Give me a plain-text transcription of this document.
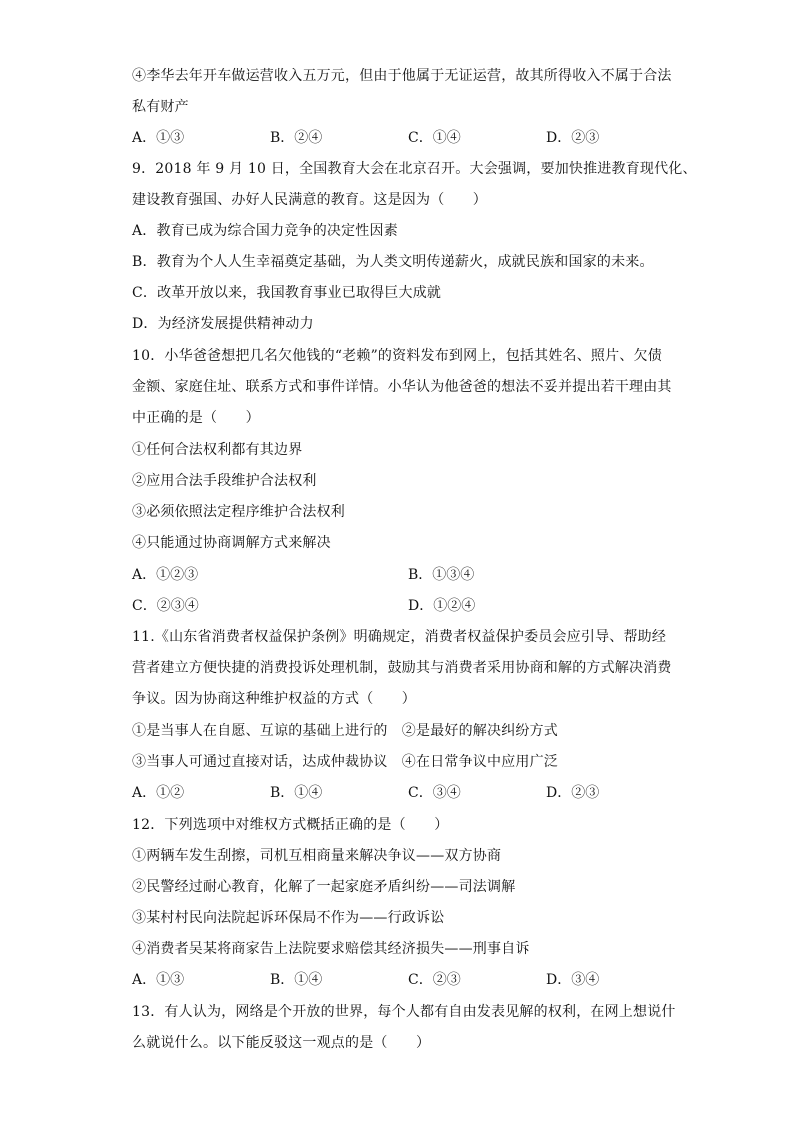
④李华去年开车做运营收入五万元，但由于他属于无证运营，故其所得收入不属于合法
私有财产
A．①③	B．②④	C．①④	D．②③
9．2018 年 9 月 10 日，全国教育大会在北京召开。大会强调，要加快推进教育现代化、
建设教育强国、办好人民满意的教育。这是因为（　　）
A．教育已成为综合国力竞争的决定性因素
B．教育为个人人生幸福奠定基础，为人类文明传递薪火，成就民族和国家的未来。
C．改革开放以来，我国教育事业已取得巨大成就
D．为经济发展提供精神动力
10．小华爸爸想把几名欠他钱的“老赖”的资料发布到网上，包括其姓名、照片、欠债
金额、家庭住址、联系方式和事件详情。小华认为他爸爸的想法不妥并提出若干理由其
中正确的是（　　）
①任何合法权利都有其边界
②应用合法手段维护合法权利
③必须依照法定程序维护合法权利
④只能通过协商调解方式来解决
A．①②③	B．①③④
C．②③④	D．①②④
11.《山东省消费者权益保护条例》明确规定，消费者权益保护委员会应引导、帮助经
营者建立方便快捷的消费投诉处理机制，鼓励其与消费者采用协商和解的方式解决消费
争议。因为协商这种维护权益的方式（　　）
①是当事人在自愿、互谅的基础上进行的　②是最好的解决纠纷方式
③当事人可通过直接对话，达成仲裁协议　④在日常争议中应用广泛
A．①②	B．①④	C．③④	D．②③
12．下列选项中对维权方式概括正确的是（　　）
①两辆车发生刮擦，司机互相商量来解决争议——双方协商
②民警经过耐心教育，化解了一起家庭矛盾纠纷——司法调解
③某村村民向法院起诉环保局不作为——行政诉讼
④消费者吴某将商家告上法院要求赔偿其经济损失——刑事自诉
A．①③	B．①④	C．②③	D．③④
13．有人认为，网络是个开放的世界，每个人都有自由发表见解的权利，在网上想说什
么就说什么。以下能反驳这一观点的是（　　）
